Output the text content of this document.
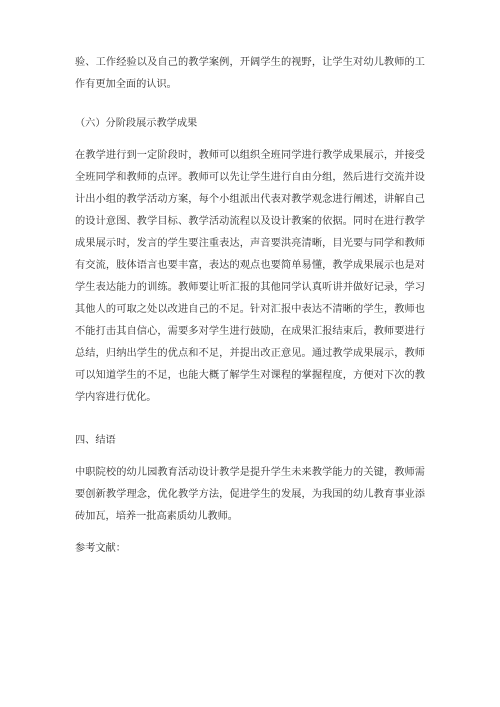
验、工作经验以及自己的教学案例，开阔学生的视野，让学生对幼儿教师的工
作有更加全面的认识。
（六）分阶段展示教学成果
在教学进行到一定阶段时，教师可以组织全班同学进行教学成果展示，并接受
全班同学和教师的点评。教师可以先让学生进行自由分组，然后进行交流并设
计出小组的教学活动方案，每个小组派出代表对教学观念进行阐述，讲解自己
的设计意图、教学目标、教学活动流程以及设计教案的依据。同时在进行教学
成果展示时，发言的学生要注重表达，声音要洪亮清晰，目光要与同学和教师
有交流，肢体语言也要丰富，表达的观点也要简单易懂，教学成果展示也是对
学生表达能力的训练。教师要让听汇报的其他同学认真听讲并做好记录，学习
其他人的可取之处以改进自己的不足。针对汇报中表达不清晰的学生，教师也
不能打击其自信心，需要多对学生进行鼓励，在成果汇报结束后，教师要进行
总结，归纳出学生的优点和不足，并提出改正意见。通过教学成果展示，教师
可以知道学生的不足，也能大概了解学生对课程的掌握程度，方便对下次的教
学内容进行优化。
四、结语
中职院校的幼儿园教育活动设计教学是提升学生未来教学能力的关键，教师需
要创新教学理念，优化教学方法，促进学生的发展，为我国的幼儿教育事业添
砖加瓦，培养一批高素质幼儿教师。
参考文献：
